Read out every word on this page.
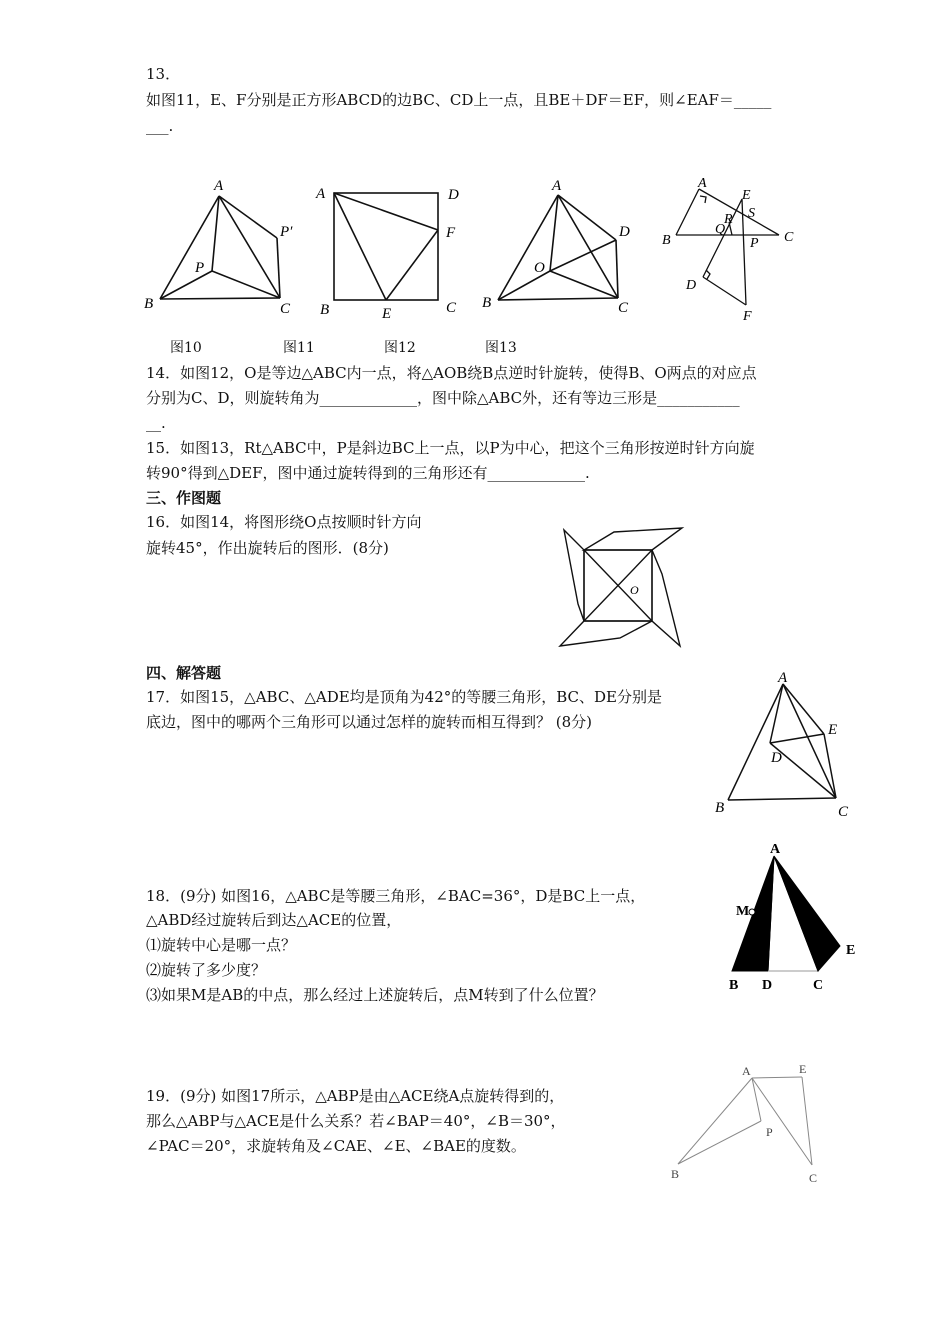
13．
如图11，E、F分别是正方形ABCD的边BC、CD上一点，且BE＋DF＝EF，则∠EAF＝_____
___.
A
B	C
P
P′
A	D
F
B	E	C
A
D
O
B	C
A
E
R S
Q
B	P C
D
F
图10	图11	图12	图13
14．如图12，O是等边△ABC内一点，将△AOB绕B点逆时针旋转，使得B、O两点的对应点
分别为C、D，则旋转角为_____________，图中除△ABC外，还有等边三形是___________
__.
15．如图13，Rt△ABC中，P是斜边BC上一点，以P为中心，把这个三角形按逆时针方向旋
转90°得到△DEF，图中通过旋转得到的三角形还有_____________.
三、作图题
16．如图14，将图形绕O点按顺时针方向
旋转45°，作出旋转后的图形．(8分)
O
四、解答题
17．如图15，△ABC、△ADE均是顶角为42°的等腰三角形，BC、DE分别是
底边，图中的哪两个三角形可以通过怎样的旋转而相互得到？ (8分)
A
E
D
B	C
18．(9分) 如图16，△ABC是等腰三角形，∠BAC=36°，D是BC上一点，
△ABD经过旋转后到达△ACE的位置，
⑴旋转中心是哪一点？
⑵旋转了多少度？
⑶如果M是AB的中点，那么经过上述旋转后，点M转到了什么位置？
A
M
E
B D	C
19．(9分) 如图17所示，△ABP是由△ACE绕A点旋转得到的，
那么△ABP与△ACE是什么关系？若∠BAP＝40°，∠B＝30°，
∠PAC＝20°，求旋转角及∠CAE、∠E、∠BAE的度数。
A	E
P
B	C
